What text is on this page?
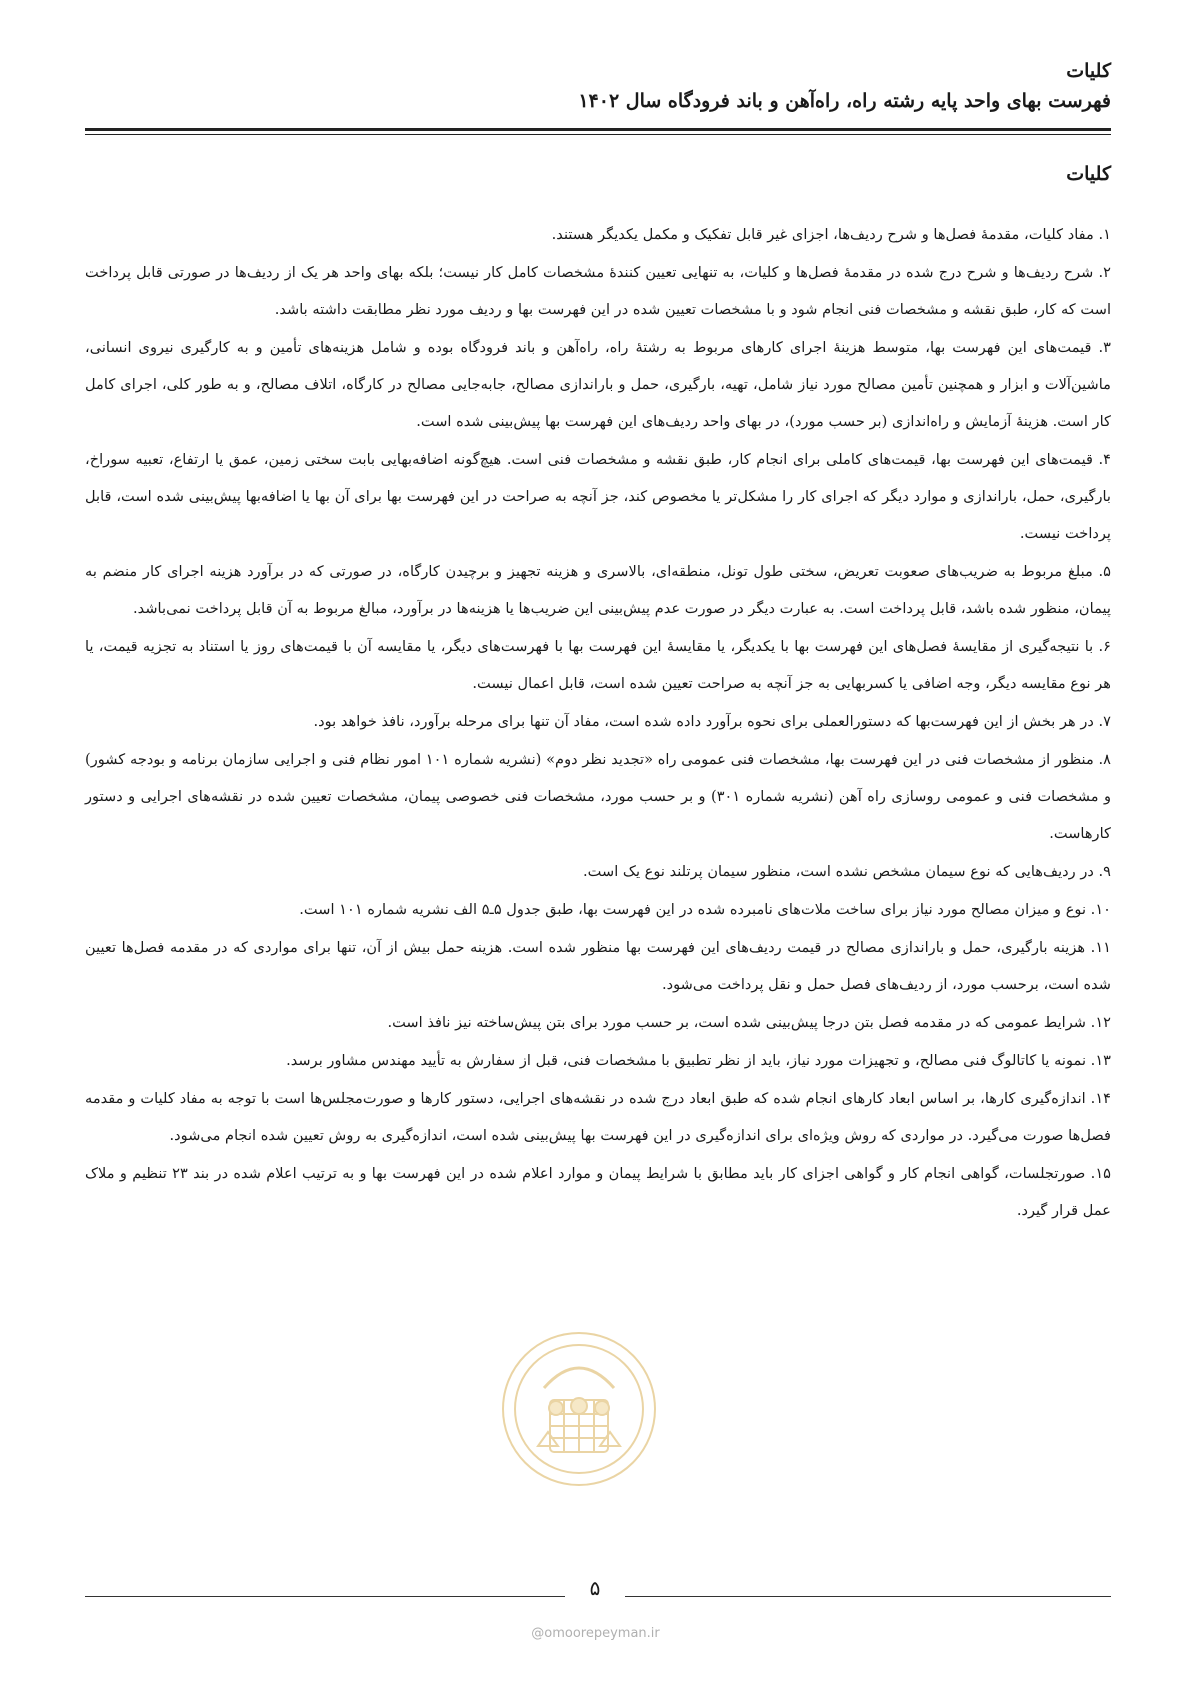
کلیات
فهرست بهای واحد پایه رشته راه، راه‌آهن و باند فرودگاه سال ۱۴۰۲
کلیات

۱. مفاد کلیات، مقدمهٔ فصل‌ها و شرح ردیف‌ها، اجزای غیر قابل تفکیک و مکمل یکدیگر هستند.

۲. شرح ردیف‌ها و شرح درج شده در مقدمهٔ فصل‌ها و کلیات، به تنهایی تعیین کنندهٔ مشخصات کامل کار نیست؛ بلکه بهای واحد هر یک از ردیف‌ها در صورتی قابل پرداخت است که کار، طبق نقشه و مشخصات فنی انجام شود و با مشخصات تعیین شده در این فهرست بها و ردیف مورد نظر مطابقت داشته باشد.

۳. قیمت‌های این فهرست بها، متوسط هزینهٔ اجرای کارهای مربوط به رشتهٔ راه، راه‌آهن و باند فرودگاه بوده و شامل هزینه‌های تأمین و به کارگیری نیروی انسانی، ماشین‌آلات و ابزار و همچنین تأمین مصالح مورد نیاز شامل، تهیه، بارگیری، حمل و باراندازی مصالح، جابه‌جایی مصالح در کارگاه، اتلاف مصالح، و به طور کلی، اجرای کامل کار است. هزینهٔ آزمایش و راه‌اندازی (بر حسب مورد)، در بهای واحد ردیف‌های این فهرست بها پیش‌بینی شده است.

۴. قیمت‌های این فهرست بها، قیمت‌های کاملی برای انجام کار، طبق نقشه و مشخصات فنی است. هیچ‌گونه اضافه‌بهایی بابت سختی زمین، عمق یا ارتفاع، تعبیه سوراخ، بارگیری، حمل، باراندازی و موارد دیگر که اجرای کار را مشکل‌تر یا مخصوص کند، جز آنچه به صراحت در این فهرست بها برای آن بها یا اضافه‌بها پیش‌بینی شده است، قابل پرداخت نیست.

۵. مبلغ مربوط به ضریب‌های صعوبت تعریض، سختی طول تونل، منطقه‌ای، بالاسری و هزینه تجهیز و برچیدن کارگاه، در صورتی که در برآورد هزینه اجرای کار منضم به پیمان، منظور شده باشد، قابل پرداخت است. به عبارت دیگر در صورت عدم پیش‌بینی این ضریب‌ها یا هزینه‌ها در برآورد، مبالغ مربوط به آن قابل پرداخت نمی‌باشد.

۶. با نتیجه‌گیری از مقایسهٔ فصل‌های این فهرست بها با یکدیگر، یا مقایسهٔ این فهرست بها با فهرست‌های دیگر، یا مقایسه آن با قیمت‌های روز یا استناد به تجزیه قیمت، یا هر نوع مقایسه دیگر، وجه اضافی یا کسربهایی به جز آنچه به صراحت تعیین شده است، قابل اعمال نیست.

۷. در هر بخش از این فهرست‌بها که دستورالعملی برای نحوه برآورد داده شده است، مفاد آن تنها برای مرحله برآورد، نافذ خواهد بود.

۸. منظور از مشخصات فنی در این فهرست بها، مشخصات فنی عمومی راه «تجدید نظر دوم» (نشریه شماره ۱۰۱ امور نظام فنی و اجرایی سازمان برنامه و بودجه کشور) و مشخصات فنی و عمومی روسازی راه آهن (نشریه شماره ۳۰۱) و بر حسب مورد، مشخصات فنی خصوصی پیمان، مشخصات تعیین شده در نقشه‌های اجرایی و دستور کارهاست.

۹. در ردیف‌هایی که نوع سیمان مشخص نشده است، منظور سیمان پرتلند نوع یک است.

۱۰. نوع و میزان مصالح مورد نیاز برای ساخت ملات‌های نامبرده شده در این فهرست بها، طبق جدول ۵ـ۵ الف نشریه شماره ۱۰۱ است.

۱۱. هزینه بارگیری، حمل و باراندازی مصالح در قیمت ردیف‌های این فهرست بها منظور شده است. هزینه حمل بیش از آن، تنها برای مواردی که در مقدمه فصل‌ها تعیین شده است، برحسب مورد، از ردیف‌های فصل حمل و نقل پرداخت می‌شود.

۱۲. شرایط عمومی که در مقدمه فصل بتن درجا پیش‌بینی شده است، بر حسب مورد برای بتن پیش‌ساخته نیز نافذ است.

۱۳. نمونه یا کاتالوگ فنی مصالح، و تجهیزات مورد نیاز، باید از نظر تطبیق با مشخصات فنی، قبل از سفارش به تأیید مهندس مشاور برسد.

۱۴. اندازه‌گیری کارها، بر اساس ابعاد کارهای انجام شده که طبق ابعاد درج شده در نقشه‌های اجرایی، دستور کارها و صورت‌مجلس‌ها است با توجه به مفاد کلیات و مقدمه فصل‌ها صورت می‌گیرد. در مواردی که روش ویژه‌ای برای اندازه‌گیری در این فهرست بها پیش‌بینی شده است، اندازه‌گیری به روش تعیین شده انجام می‌شود.

۱۵. صورتجلسات، گواهی انجام کار و گواهی اجزای کار باید مطابق با شرایط پیمان و موارد اعلام شده در این فهرست بها و به ترتیب اعلام شده در بند ۲۳ تنظیم و ملاک عمل قرار گیرد.

۵
@omoorepeyman.ir
